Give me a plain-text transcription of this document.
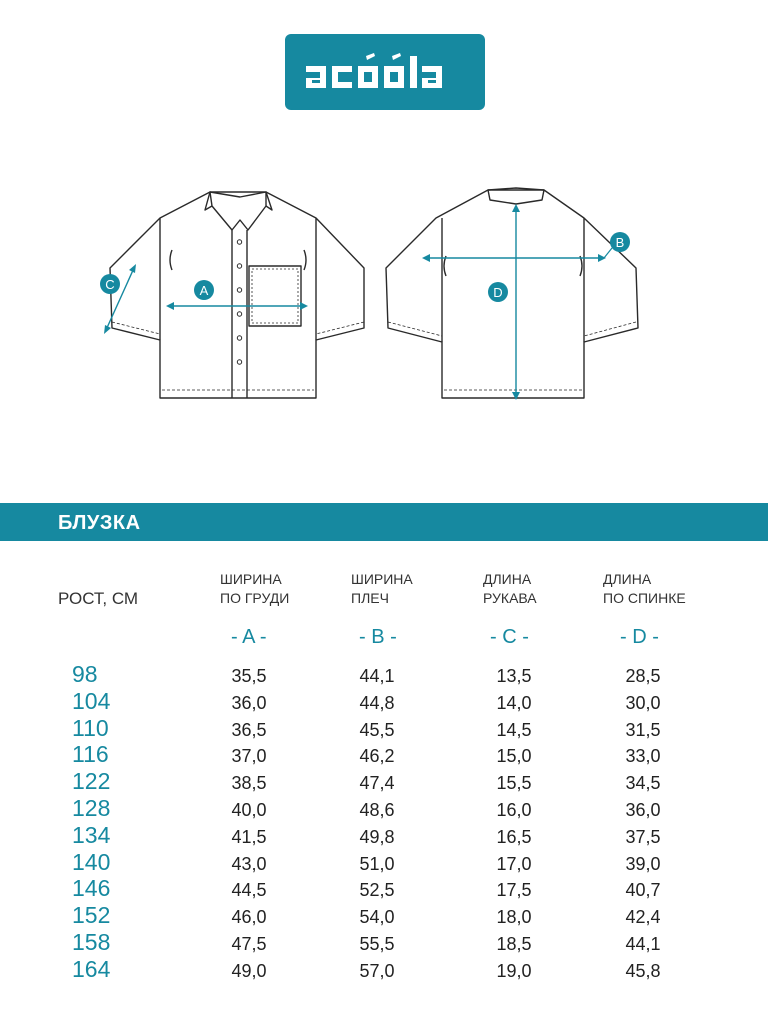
A
C
B
D
БЛУЗКА
РОСТ, СМ
ШИРИНА
ПО ГРУДИ
ШИРИНА
ПЛЕЧ
ДЛИНА
РУКАВА
ДЛИНА
ПО СПИНКЕ
- A -	- B -	- C -	- D -
98	35,5	44,1	13,5	28,5
104	36,0	44,8	14,0	30,0
110	36,5	45,5	14,5	31,5
116	37,0	46,2	15,0	33,0
122	38,5	47,4	15,5	34,5
128	40,0	48,6	16,0	36,0
134	41,5	49,8	16,5	37,5
140	43,0	51,0	17,0	39,0
146	44,5	52,5	17,5	40,7
152	46,0	54,0	18,0	42,4
158	47,5	55,5	18,5	44,1
164	49,0	57,0	19,0	45,8
